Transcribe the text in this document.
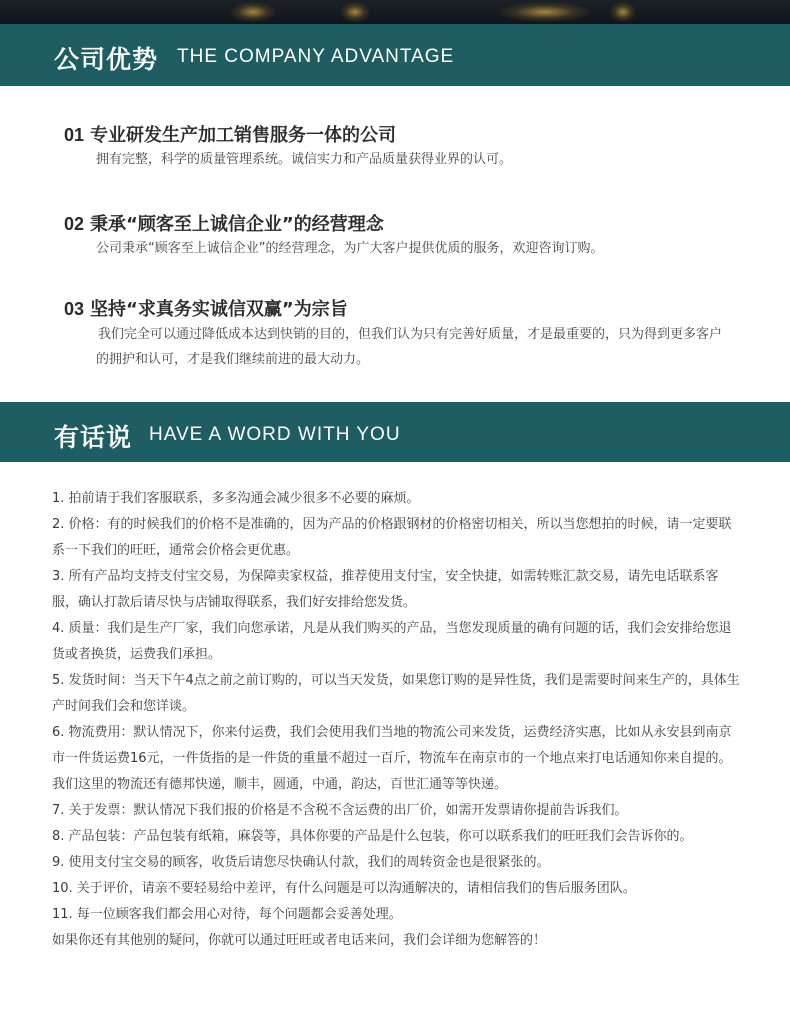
公司优势 THE COMPANY ADVANTAGE
01 专业研发生产加工销售服务一体的公司
拥有完整，科学的质量管理系统。诚信实力和产品质量获得业界的认可。
02 秉承“顾客至上诚信企业”的经营理念
公司秉承“顾客至上诚信企业”的经营理念，为广大客户提供优质的服务，欢迎咨询订购。
03 坚持“求真务实诚信双赢”为宗旨
我们完全可以通过降低成本达到快销的目的，但我们认为只有完善好质量，才是最重要的，只为得到更多客户的拥护和认可，才是我们继续前进的最大动力。
有话说 HAVE A WORD WITH YOU

1. 拍前请于我们客服联系，多多沟通会减少很多不必要的麻烦。

2. 价格：有的时候我们的价格不是准确的，因为产品的价格跟钢材的价格密切相关，所以当您想拍的时候，请一定要联系一下我们的旺旺，通常会价格会更优惠。

3. 所有产品均支持支付宝交易，为保障卖家权益，推荐使用支付宝，安全快捷，如需转账汇款交易，请先电话联系客服，确认打款后请尽快与店铺取得联系，我们好安排给您发货。

4. 质量：我们是生产厂家，我们向您承诺，凡是从我们购买的产品，当您发现质量的确有问题的话，我们会安排给您退货或者换货，运费我们承担。

5. 发货时间：当天下午4点之前之前订购的，可以当天发货，如果您订购的是异性货，我们是需要时间来生产的，具体生产时间我们会和您详谈。

6. 物流费用：默认情况下，你来付运费，我们会使用我们当地的物流公司来发货，运费经济实惠，比如从永安县到南京市一件货运费16元，一件货指的是一件货的重量不超过一百斤，物流车在南京市的一个地点来打电话通知你来自提的。我们这里的物流还有德邦快递，顺丰，圆通，中通，韵达，百世汇通等等快递。

7. 关于发票：默认情况下我们报的价格是不含税不含运费的出厂价，如需开发票请你提前告诉我们。

8. 产品包装：产品包装有纸箱，麻袋等，具体你要的产品是什么包装，你可以联系我们的旺旺我们会告诉你的。

9. 使用支付宝交易的顾客，收货后请您尽快确认付款，我们的周转资金也是很紧张的。

10. 关于评价，请亲不要轻易给中差评，有什么问题是可以沟通解决的，请相信我们的售后服务团队。

11. 每一位顾客我们都会用心对待，每个问题都会妥善处理。

如果你还有其他别的疑问，你就可以通过旺旺或者电话来问，我们会详细为您解答的！
